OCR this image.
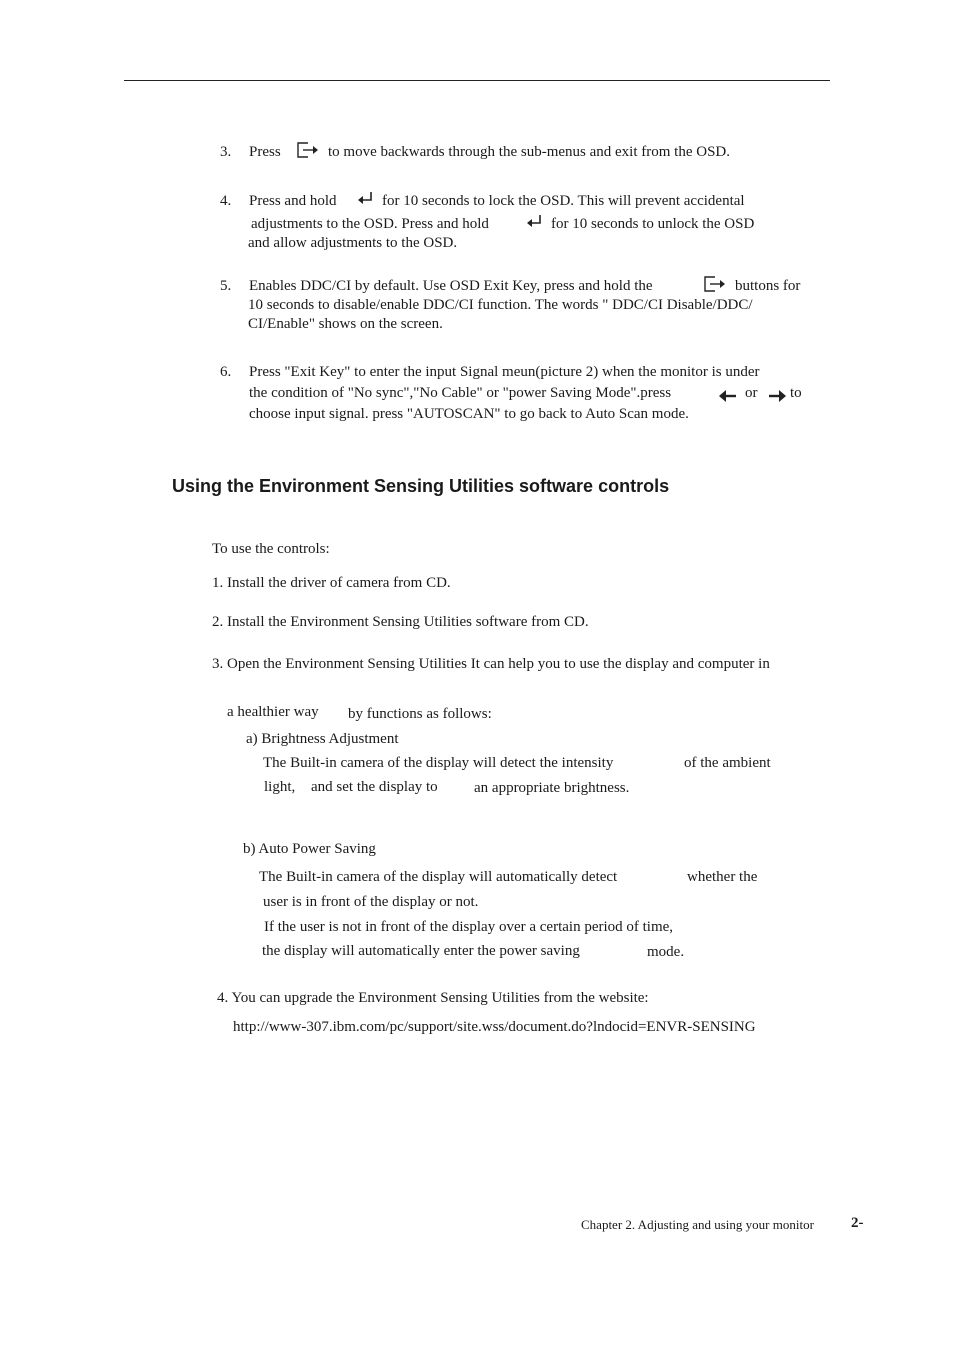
3. Press	to move backwards through the sub-menus and exit from the OSD.
4. Press and hold	for 10 seconds to lock the OSD. This will prevent accidental
adjustments to the OSD. Press and hold	for 10 seconds to unlock the OSD
and allow adjustments to the OSD.
5. Enables DDC/CI by default. Use OSD Exit Key, press and hold the	buttons for
10 seconds to disable/enable DDC/CI function. The words " DDC/CI Disable/DDC/
CI/Enable" shows on the screen.
6. Press "Exit Key" to enter the input Signal meun(picture 2) when the monitor is under
the condition of "No sync","No Cable" or "power Saving Mode".press	or to
choose input signal. press "AUTOSCAN" to go back to Auto Scan mode.
Using the Environment Sensing Utilities software controls
To use the controls:
1. Install the driver of camera from CD.
2. Install the Environment Sensing Utilities software from CD.
3. Open the Environment Sensing Utilities It can help you to use the display and computer in
a healthier way by functions as follows:
a) Brightness Adjustment
The Built-in camera of the display will detect the intensity	of the ambient
light, and set the display to an appropriate brightness.
b) Auto Power Saving
The Built-in camera of the display will automatically detect	whether the
user is in front of the display or not.
If the user is not in front of the display over a certain period of time,
the display will automatically enter the power saving	mode.
4. You can upgrade the Environment Sensing Utilities from the website:
http://www-307.ibm.com/pc/support/site.wss/document.do?lndocid=ENVR-SENSING
Chapter 2. Adjusting and using your monitor 2-
